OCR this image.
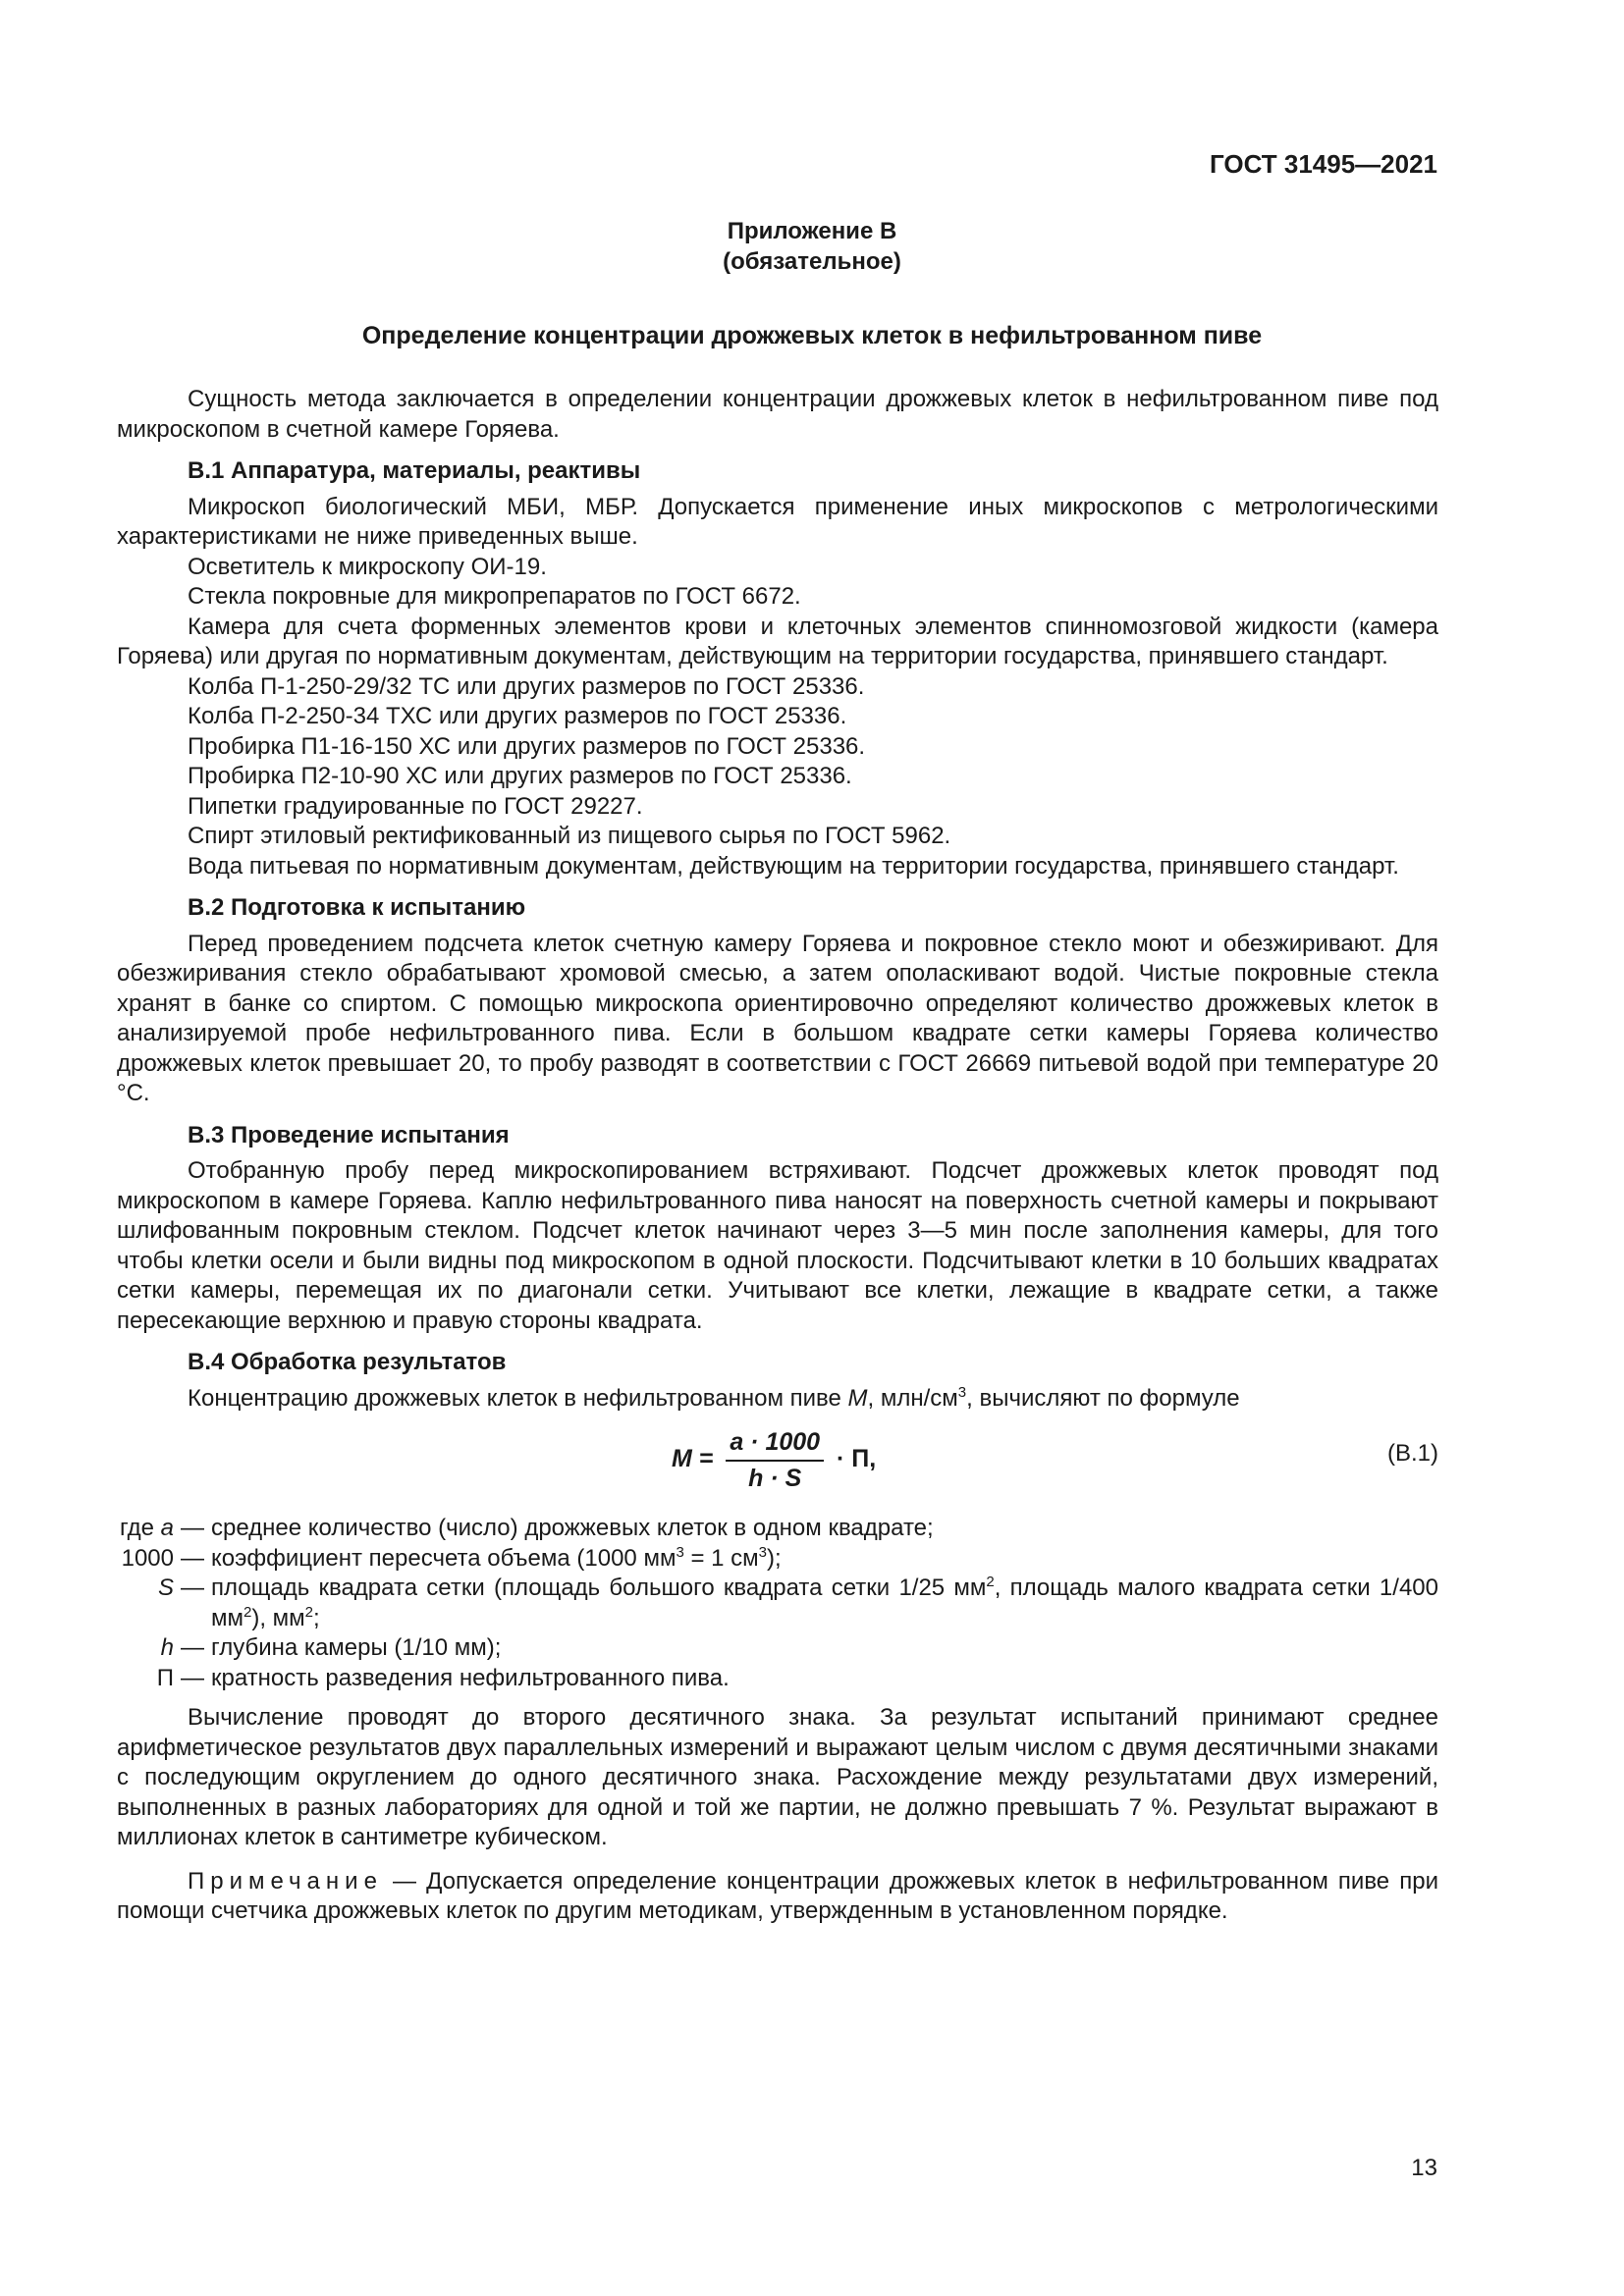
ГОСТ 31495—2021
Приложение В
(обязательное)
Определение концентрации дрожжевых клеток в нефильтрованном пиве

Сущность метода заключается в определении концентрации дрожжевых клеток в нефильтрованном пиве под микроскопом в счетной камере Горяева.

В.1 Аппаратура, материалы, реактивы

Микроскоп биологический МБИ, МБР. Допускается применение иных микроскопов с метрологическими характеристиками не ниже приведенных выше.

Осветитель к микроскопу ОИ-19.

Стекла покровные для микропрепаратов по ГОСТ 6672.

Камера для счета форменных элементов крови и клеточных элементов спинномозговой жидкости (камера Горяева) или другая по нормативным документам, действующим на территории государства, принявшего стандарт.

Колба П-1-250-29/32 ТС или других размеров по ГОСТ 25336.

Колба П-2-250-34 ТХС или других размеров по ГОСТ 25336.

Пробирка П1-16-150 ХС или других размеров по ГОСТ 25336.

Пробирка П2-10-90 ХС или других размеров по ГОСТ 25336.

Пипетки градуированные по ГОСТ 29227.

Спирт этиловый ректификованный из пищевого сырья по ГОСТ 5962.

Вода питьевая по нормативным документам, действующим на территории государства, принявшего стандарт.

В.2 Подготовка к испытанию

Перед проведением подсчета клеток счетную камеру Горяева и покровное стекло моют и обезжиривают. Для обезжиривания стекло обрабатывают хромовой смесью, а затем ополаскивают водой. Чистые покровные стекла хранят в банке со спиртом. С помощью микроскопа ориентировочно определяют количество дрожжевых клеток в анализируемой пробе нефильтрованного пива. Если в большом квадрате сетки камеры Горяева количество дрожжевых клеток превышает 20, то пробу разводят в соответствии с ГОСТ 26669 питьевой водой при температуре 20 °С.

В.3 Проведение испытания

Отобранную пробу перед микроскопированием встряхивают. Подсчет дрожжевых клеток проводят под микроскопом в камере Горяева. Каплю нефильтрованного пива наносят на поверхность счетной камеры и покрывают шлифованным покровным стеклом. Подсчет клеток начинают через 3—5 мин после заполнения камеры, для того чтобы клетки осели и были видны под микроскопом в одной плоскости. Подсчитывают клетки в 10 больших квадратах сетки камеры, перемещая их по диагонали сетки. Учитывают все клетки, лежащие в квадрате сетки, а также пересекающие верхнюю и правую стороны квадрата.

В.4 Обработка результатов

Концентрацию дрожжевых клеток в нефильтрованном пиве M, млн/$см^3$, вычисляют по формуле

$M = \frac{a \cdot 1000}{h \cdot S} \cdot П$,	(В.1)
где a — среднее количество (число) дрожжевых клеток в одном квадрате;
1000 — коэффициент пересчета объема (1000 $мм^3 = 1$ $см^3$);
S — площадь квадрата сетки (площадь большого квадрата сетки 1/25 $мм^2$, площадь малого квадрата сетки 1/400 $мм^2$), $мм^2$;
h — глубина камеры (1/10 мм);
П — кратность разведения нефильтрованного пива.

Вычисление проводят до второго десятичного знака. За результат испытаний принимают среднее арифметическое результатов двух параллельных измерений и выражают целым числом с двумя десятичными знаками с последующим округлением до одного десятичного знака. Расхождение между результатами двух измерений, выполненных в разных лабораториях для одной и той же партии, не должно превышать 7 %. Результат выражают в миллионах клеток в сантиметре кубическом.

Примечание — Допускается определение концентрации дрожжевых клеток в нефильтрованном пиве при помощи счетчика дрожжевых клеток по другим методикам, утвержденным в установленном порядке.

13
